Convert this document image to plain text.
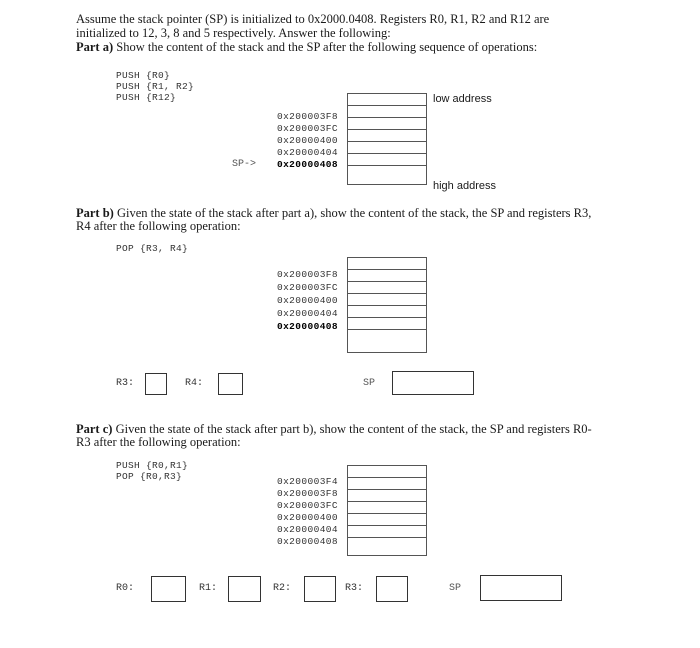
Assume the stack pointer (SP) is initialized to 0x2000.0408. Registers R0, R1, R2 and R12 are
initialized to 12, 3, 8 and 5 respectively. Answer the following:
Part a) Show the content of the stack and the SP after the following sequence of operations:
PUSH {R0}
PUSH {R1, R2}
PUSH {R12}	low address
0x200003F8
0x200003FC
0x20000400
0x20000404
SP->	0x20000408
high address
Part b) Given the state of the stack after part a), show the content of the stack, the SP and registers R3,
R4 after the following operation:
POP {R3, R4}
0x200003F8
0x200003FC
0x20000400
0x20000404
0x20000408
R3:	R4:	SP
Part c) Given the state of the stack after part b), show the content of the stack, the SP and registers R0-
R3 after the following operation:
PUSH {R0,R1}
POP {R0,R3}	0x200003F4
0x200003F8
0x200003FC
0x20000400
0x20000404
0x20000408
R0:	R1:	R2:	R3:	SP
